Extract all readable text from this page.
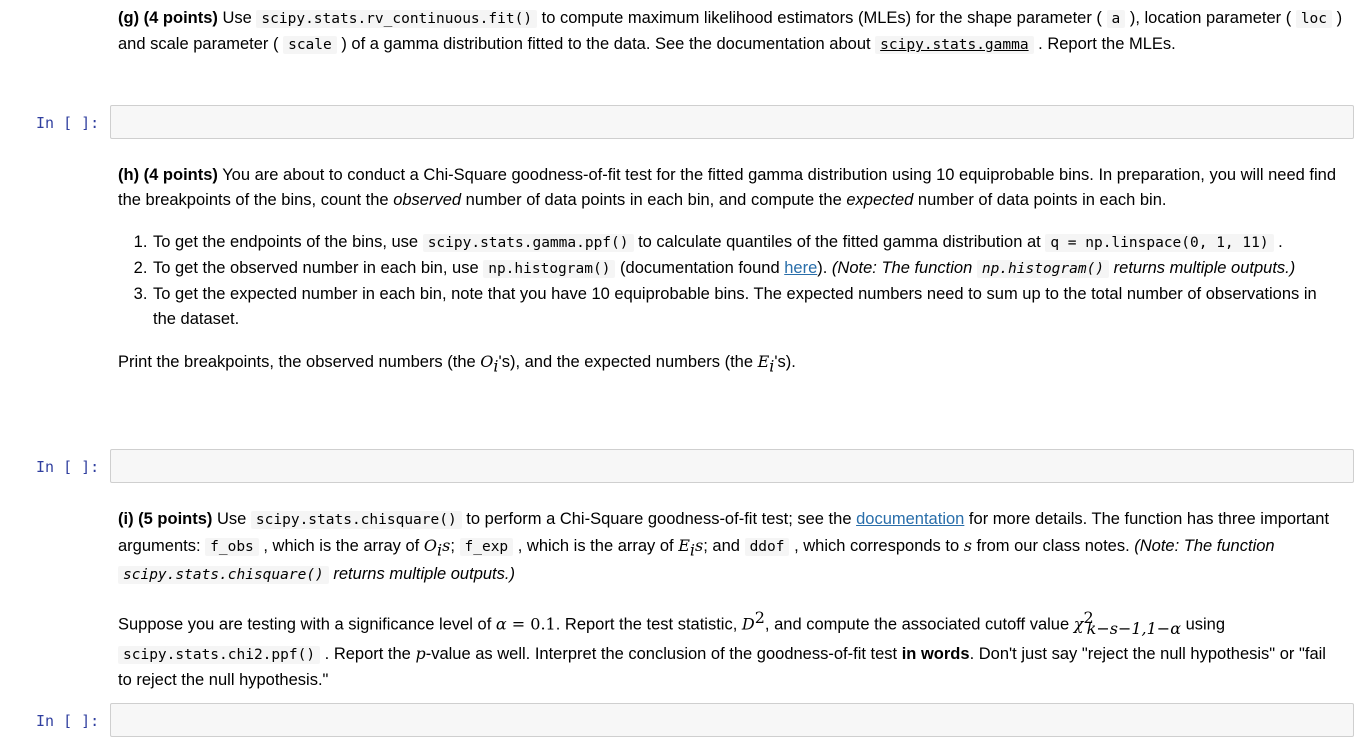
(g) (4 points) Use scipy.stats.rv_continuous.fit() to compute maximum likelihood estimators (MLEs) for the shape parameter ( a ), location parameter ( loc ) and scale parameter ( scale ) of a gamma distribution fitted to the data. See the documentation about scipy.stats.gamma . Report the MLEs.

In [ ]:

(h) (4 points) You are about to conduct a Chi-Square goodness-of-fit test for the fitted gamma distribution using 10 equiprobable bins. In preparation, you will need find the breakpoints of the bins, count the observed number of data points in each bin, and compute the expected number of data points in each bin.

1. To get the endpoints of the bins, use scipy.stats.gamma.ppf() to calculate quantiles of the fitted gamma distribution at q = np.linspace(0, 1, 11) .
2. To get the observed number in each bin, use np.histogram() (documentation found here). (Note: The function np.histogram() returns multiple outputs.)
3. To get the expected number in each bin, note that you have 10 equiprobable bins. The expected numbers need to sum up to the total number of observations in the dataset.

Print the breakpoints, the observed numbers (the $O_i's$), and the expected numbers (the $E_i's$).

In [ ]:

(i) (5 points) Use scipy.stats.chisquare() to perform a Chi-Square goodness-of-fit test; see the documentation for more details. The function has three important arguments: f_obs , which is the array of $O_is$; f_exp , which is the array of $E_is$; and ddof , which corresponds to s from our class notes. (Note: The function scipy.stats.chisquare() returns multiple outputs.)

Suppose you are testing with a significance level of α = 0.1. Report the test statistic, $D^2$, and compute the associated cutoff value $\chi^2_{k-s-1,1-\alpha}$ using scipy.stats.chi2.ppf() . Report the p-value as well. Interpret the conclusion of the goodness-of-fit test in words. Don't just say "reject the null hypothesis" or "fail to reject the null hypothesis."

In [ ]:
